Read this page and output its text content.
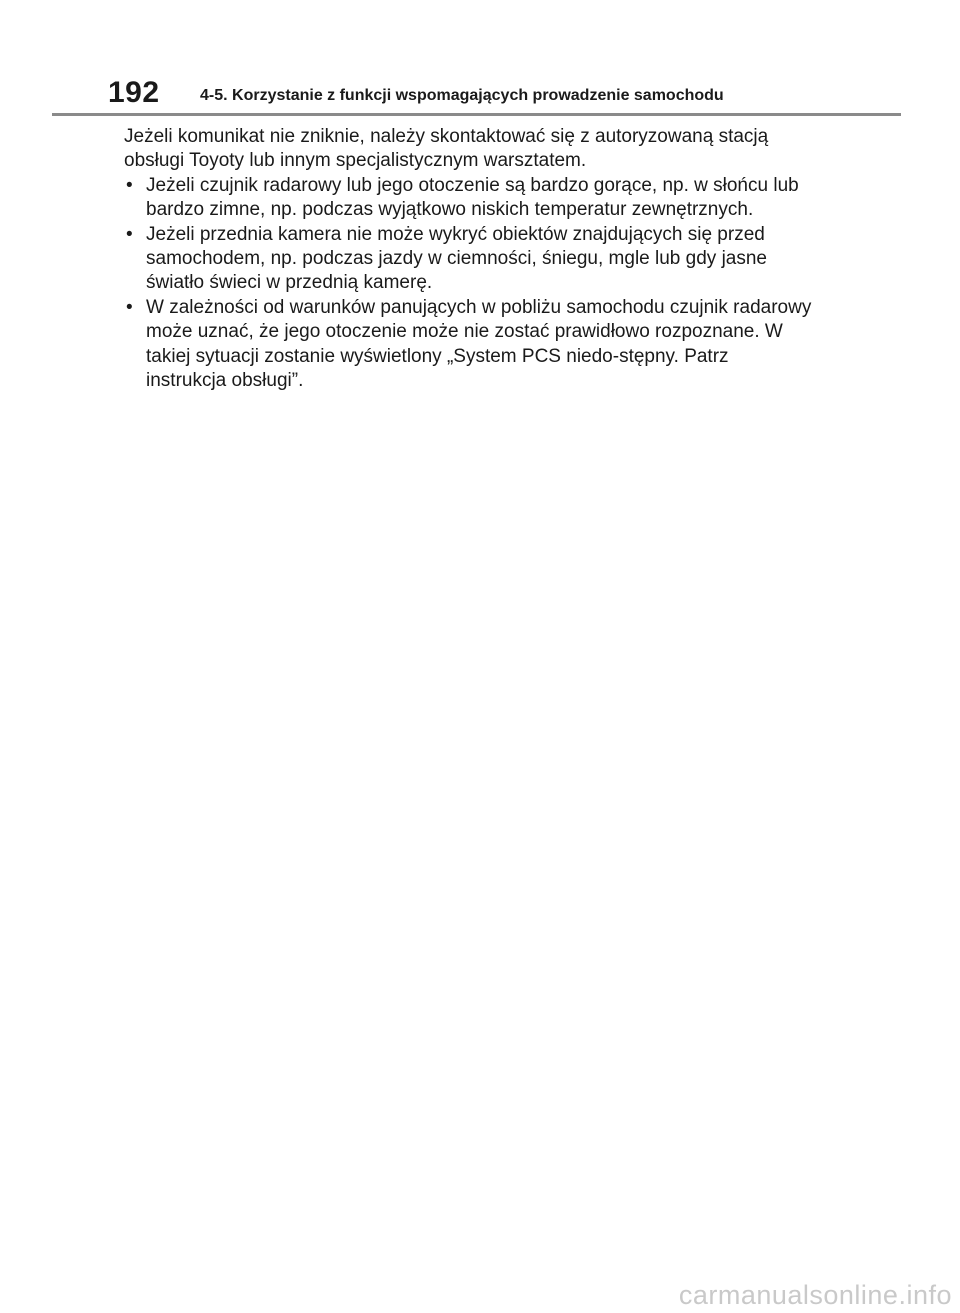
192	4-5. Korzystanie z funkcji wspomagających prowadzenie samochodu

Jeżeli komunikat nie zniknie, należy skontaktować się z autoryzowaną stacją obsługi Toyoty lub innym specjalistycznym warsztatem.

• Jeżeli czujnik radarowy lub jego otoczenie są bardzo gorące, np. w słońcu lub bardzo zimne, np. podczas wyjątkowo niskich temperatur zewnętrznych.
• Jeżeli przednia kamera nie może wykryć obiektów znajdujących się przed samochodem, np. podczas jazdy w ciemności, śniegu, mgle lub gdy jasne światło świeci w przednią kamerę.
• W zależności od warunków panujących w pobliżu samochodu czujnik radarowy może uznać, że jego otoczenie może nie zostać prawidłowo rozpoznane. W takiej sytuacji zostanie wyświetlony „System PCS niedo-stępny. Patrz instrukcja obsługi”.
carmanualsonline.info
